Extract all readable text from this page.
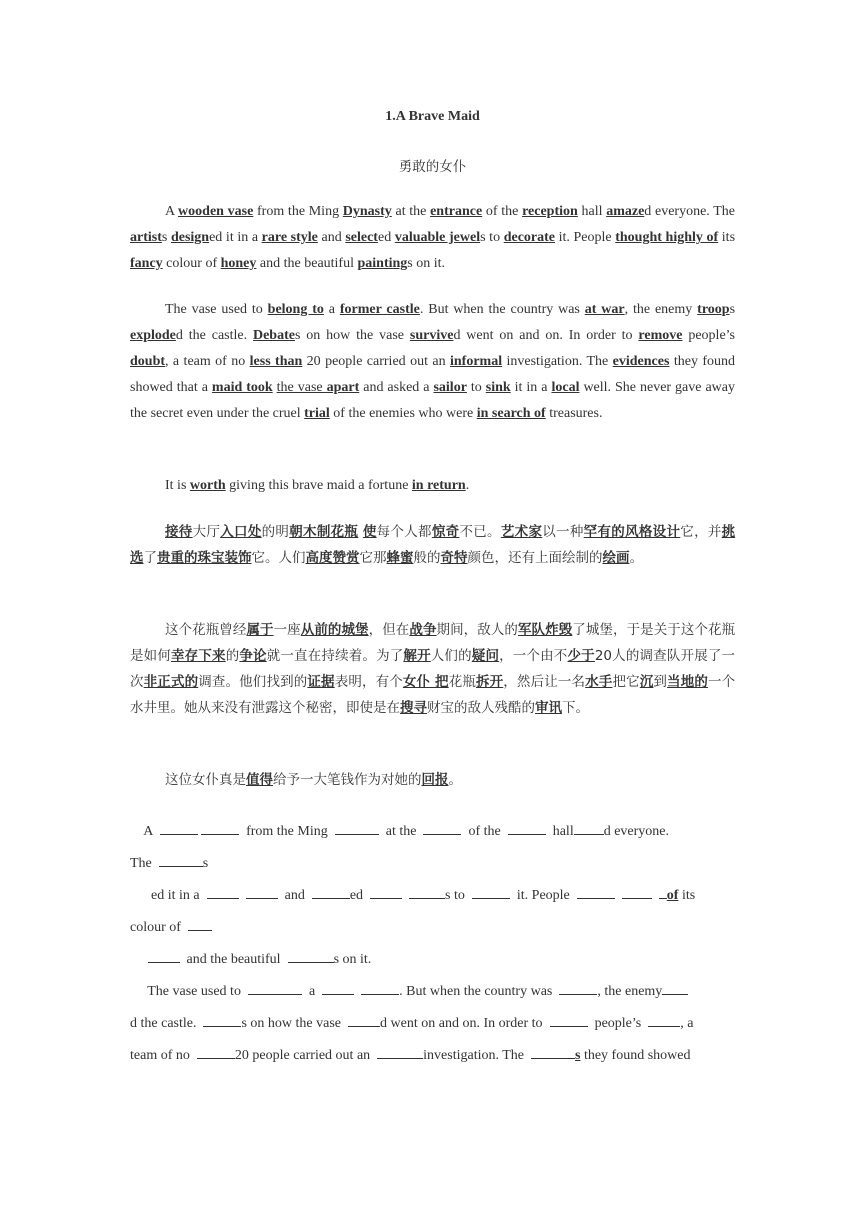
1.A Brave Maid
勇敢的女仆
A wooden vase from the Ming Dynasty at the entrance of the reception hall amazed everyone. The artists designed it in a rare style and selected valuable jewels to decorate it. People thought highly of its fancy colour of honey and the beautiful paintings on it.
The vase used to belong to a former castle. But when the country was at war, the enemy troops exploded the castle. Debates on how the vase survived went on and on. In order to remove people’s doubt, a team of no less than 20 people carried out an informal investigation. The evidences they found showed that a maid took the vase apart and asked a sailor to sink it in a local well. She never gave away the secret even under the cruel trial of the enemies who were in search of treasures.
It is worth giving this brave maid a fortune in return.
接待大厅入口处的明朝木制花瓶 使每个人都惊奇不已。艺术家以一种罕有的风格设计它，并挑选了贵重的珠宝装饰它。人们高度赞赏它那蜂蜜般的奇特颜色，还有上面绘制的绘画。
这个花瓶曾经属于一座从前的城堡，但在战争期间，敌人的军队炸毁了城堡，于是关于这个花瓶是如何幸存下来的争论就一直在持续着。为了解开人们的疑问，一个由不少于20人的调查队开展了一次非正式的调查。他们找到的证据表明，有个女仆 把花瓶拆开，然后让一名水手把它沉到当地的一个水井里。她从来没有泄露这个秘密，即使是在搜寻财宝的敌人残酷的审讯下。
这位女仆真是值得给予一大笔钱作为对她的回报。
A	from the Ming	at the	of the	hall d everyone.
The	s
ed it in a	and	ed	s to	it. People	of its
colour of
and the beautiful	s on it.
The vase used to	a	. But when the country was	, the enemy
d the castle.	s on how the vase  d went on and on. In order to	people’s  , a
team of no	20 people carried out an	investigation. The	s they found showed
